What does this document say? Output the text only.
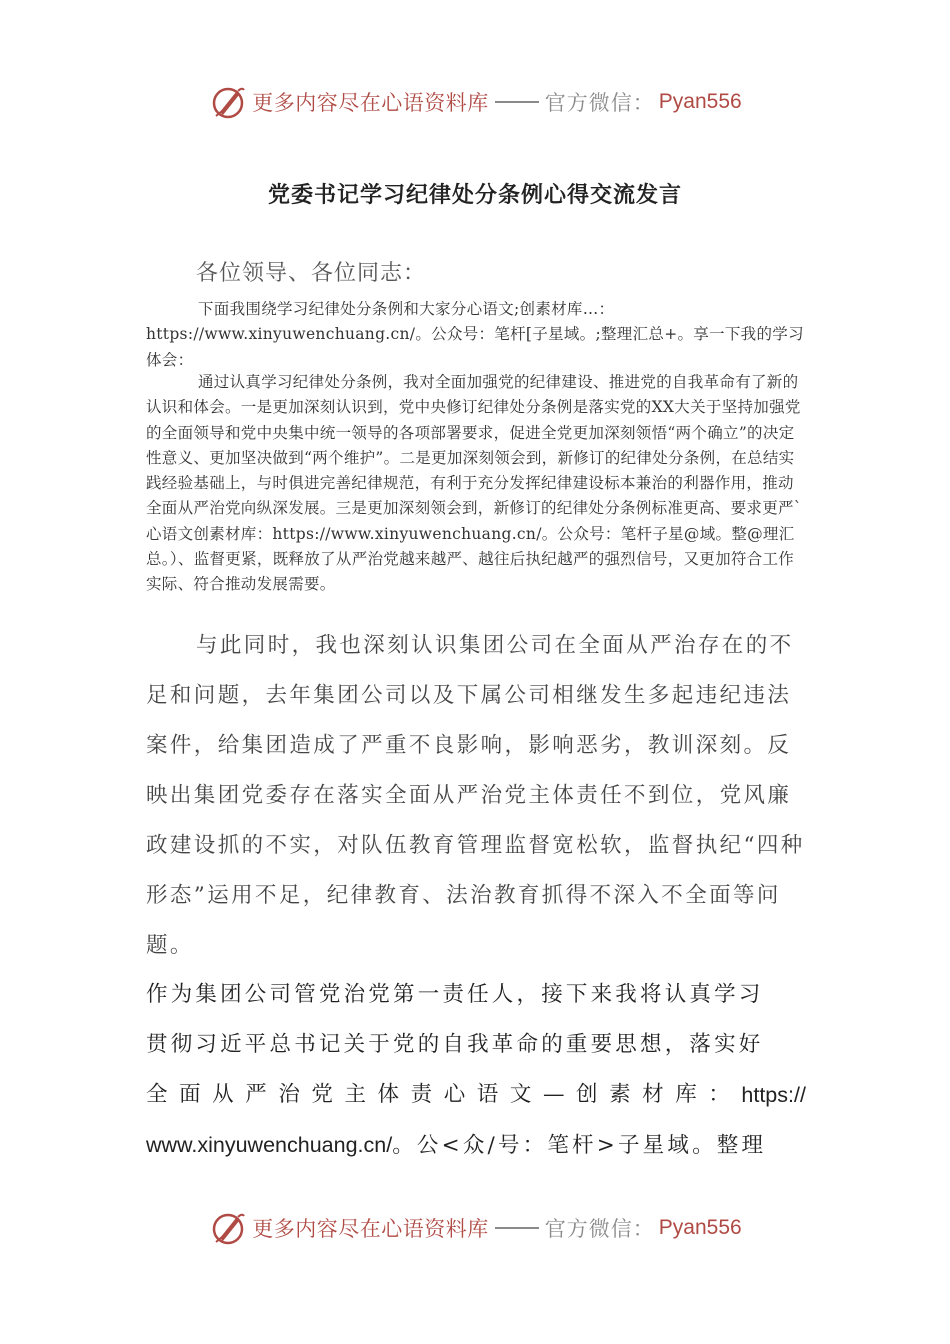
更多内容尽在心语资料库	官方微信： Pyan556
党委书记学习纪律处分条例心得交流发言
各位领导、各位同志：

下面我围绕学习纪律处分条例和大家分心语文;创素材库…：https://www.xinyuwenchuang.cn/。公众号：笔杆[子星域。;整理汇总+。享一下我的学习体会：

通过认真学习纪律处分条例，我对全面加强党的纪律建设、推进党的自我革命有了新的认识和体会。一是更加深刻认识到，党中央修订纪律处分条例是落实党的XX大关于坚持加强党的全面领导和党中央集中统一领导的各项部署要求，促进全党更加深刻领悟“两个确立”的决定性意义、更加坚决做到“两个维护”。二是更加深刻领会到，新修订的纪律处分条例，在总结实践经验基础上，与时俱进完善纪律规范，有利于充分发挥纪律建设标本兼治的利器作用，推动全面从严治党向纵深发展。三是更加深刻领会到，新修订的纪律处分条例标准更高、要求更严`心语文创素材库：https://www.xinyuwenchuang.cn/。公众号：笔杆子星@域。整@理汇总。）、监督更紧，既释放了从严治党越来越严、越往后执纪越严的强烈信号，又更加符合工作实际、符合推动发展需要。

与此同时，我也深刻认识集团公司在全面从严治存在的不足和问题，去年集团公司以及下属公司相继发生多起违纪违法案件，给集团造成了严重不良影响，影响恶劣，教训深刻。反映出集团党委存在落实全面从严治党主体责任不到位，党风廉政建设抓的不实，对队伍教育管理监督宽松软，监督执纪“四种形态”运用不足，纪律教育、法治教育抓得不深入不全面等问题。

作为集团公司管党治党第一责任人，接下来我将认真学习
贯彻习近平总书记关于党的自我革命的重要思想，落实好
全 面 从 严 治 党 主 体 责 心 语 文 — 创 素 材 库 ： https://
www.xinyuwenchuang.cn/。公<众/号：笔杆>子星域。整理
更多内容尽在心语资料库	官方微信： Pyan556
